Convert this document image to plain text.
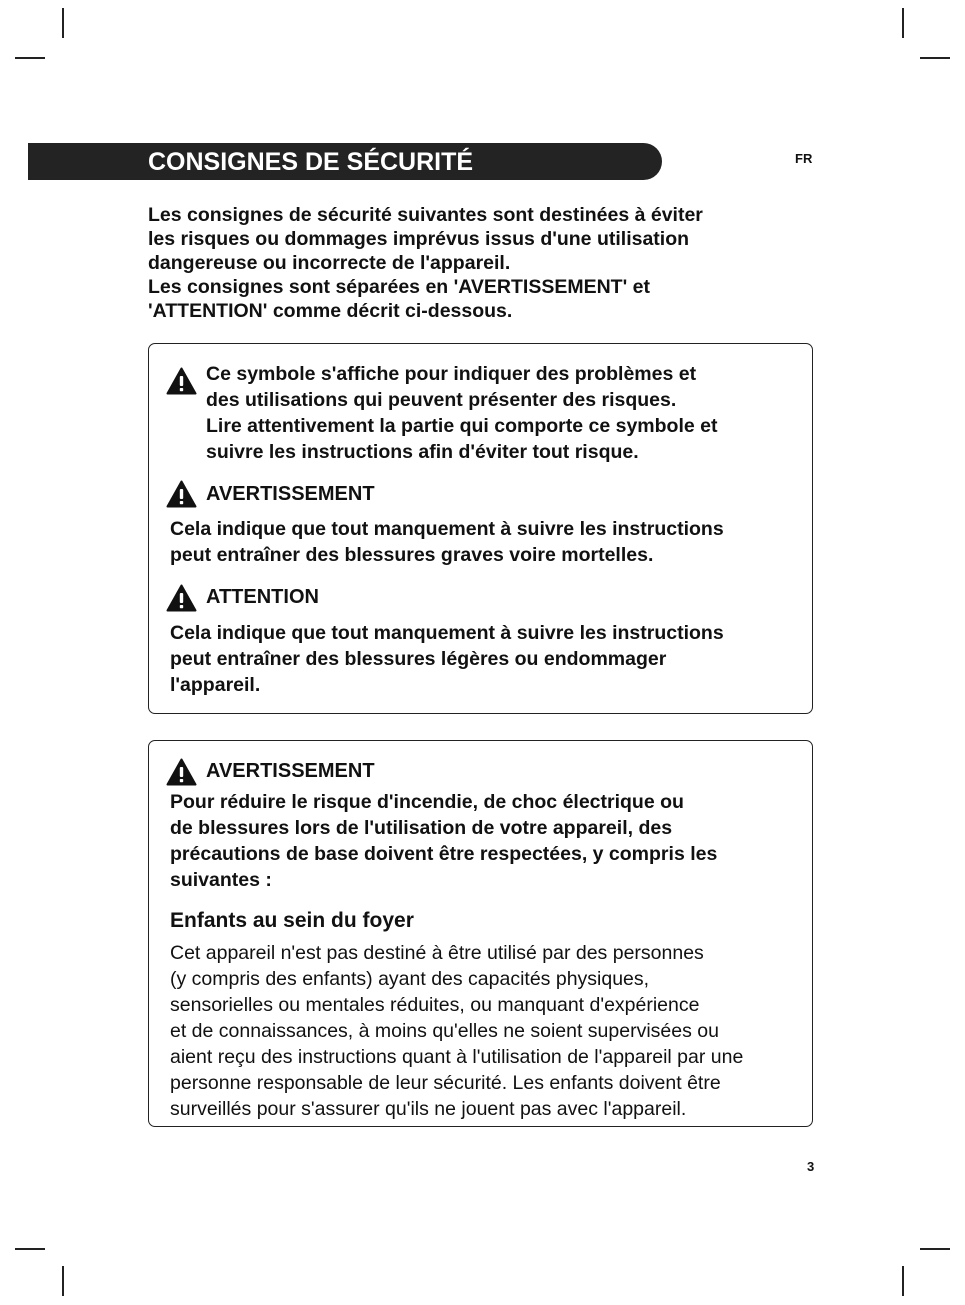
CONSIGNES DE SÉCURITÉ	FR

Les consignes de sécurité suivantes sont destinées à éviter

les risques ou dommages imprévus issus d'une utilisation

dangereuse ou incorrecte de l'appareil.

Les consignes sont séparées en 'AVERTISSEMENT' et

'ATTENTION' comme décrit ci-dessous.

Ce symbole s'affiche pour indiquer des problèmes et

des utilisations qui peuvent présenter des risques.

Lire attentivement la partie qui comporte ce symbole et

suivre les instructions afin d'éviter tout risque.

AVERTISSEMENT

Cela indique que tout manquement à suivre les instructions

peut entraîner des blessures graves voire mortelles.

ATTENTION

Cela indique que tout manquement à suivre les instructions

peut entraîner des blessures légères ou endommager

l'appareil.

AVERTISSEMENT

Pour réduire le risque d'incendie, de choc électrique ou

de blessures lors de l'utilisation de votre appareil, des

précautions de base doivent être respectées, y compris les

suivantes :

Enfants au sein du foyer

Cet appareil n'est pas destiné à être utilisé par des personnes

(y compris des enfants) ayant des capacités physiques,

sensorielles ou mentales réduites, ou manquant d'expérience

et de connaissances, à moins qu'elles ne soient supervisées ou

aient reçu des instructions quant à l'utilisation de l'appareil par une

personne responsable de leur sécurité. Les enfants doivent être

surveillés pour s'assurer qu'ils ne jouent pas avec l'appareil.

3
